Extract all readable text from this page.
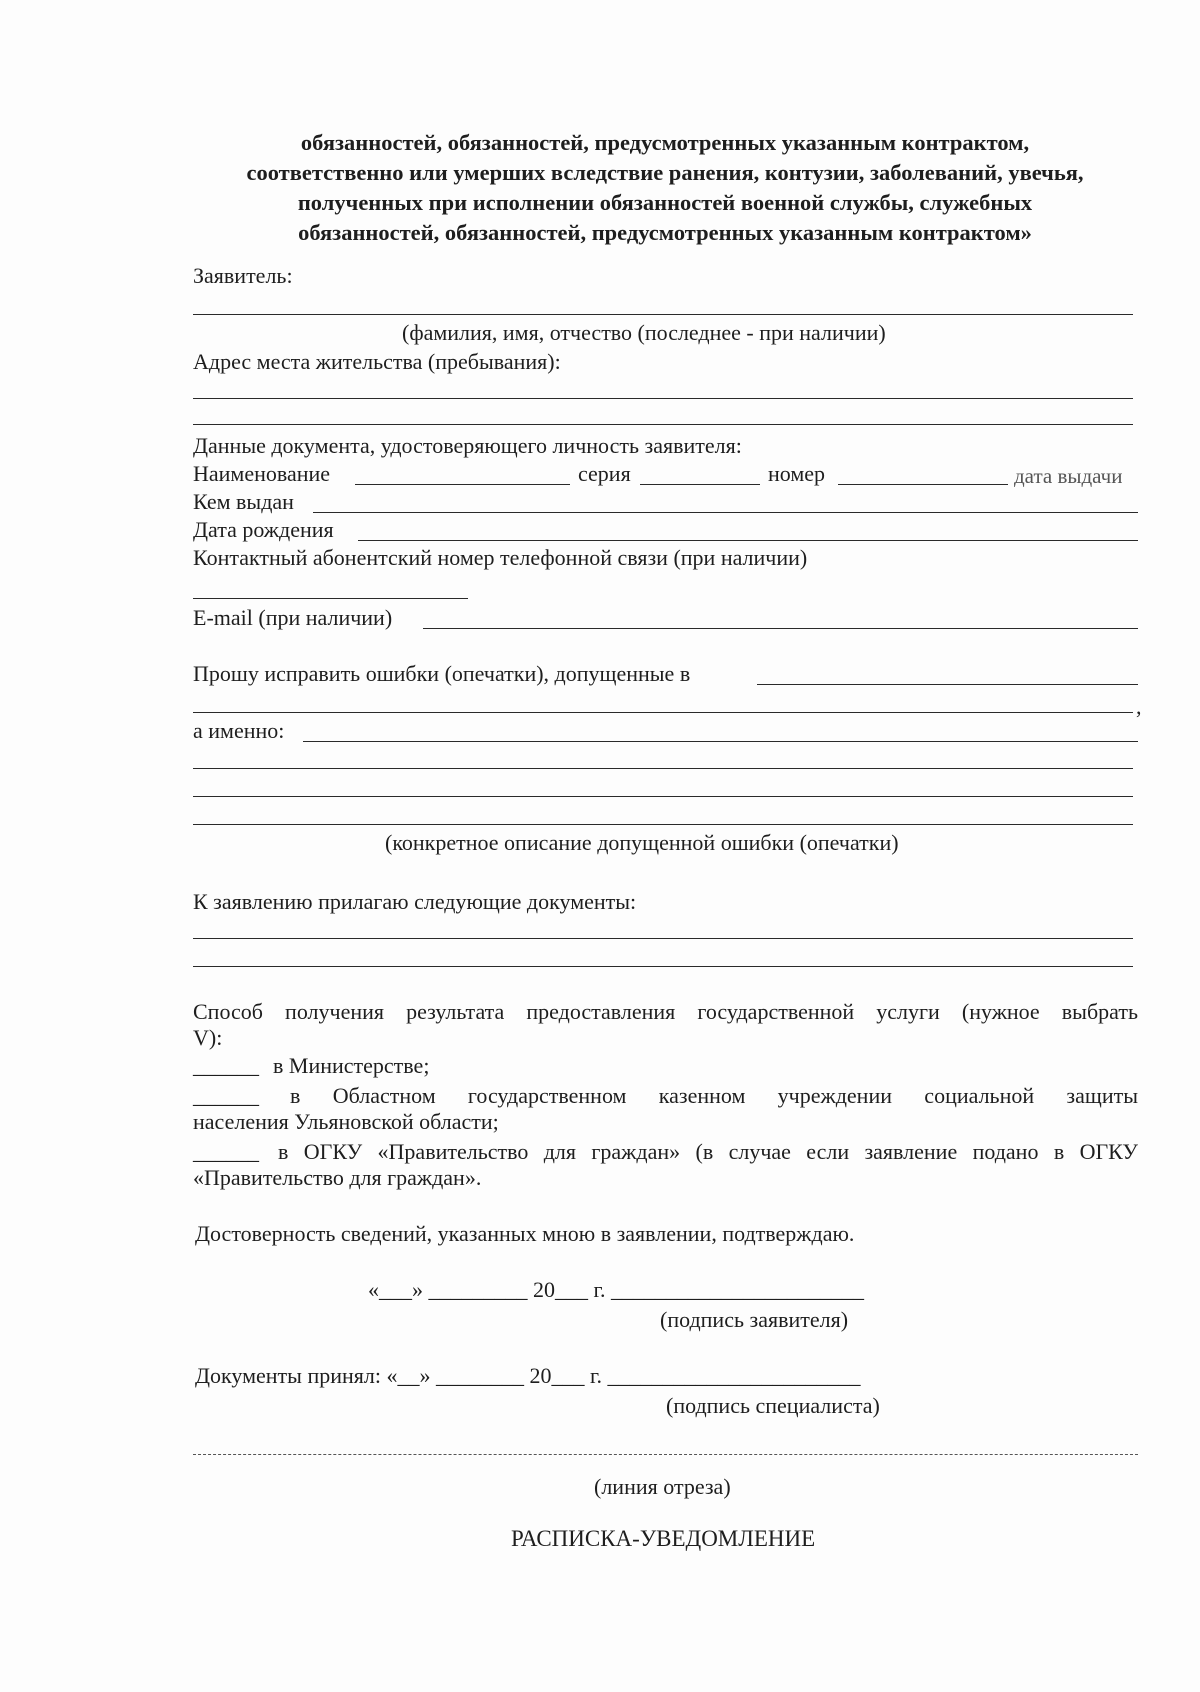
обязанностей, обязанностей, предусмотренных указанным контрактом,
соответственно или умерших вследствие ранения, контузии, заболеваний, увечья,
полученных при исполнении обязанностей военной службы, служебных
обязанностей, обязанностей, предусмотренных указанным контрактом»
Заявитель:
(фамилия, имя, отчество (последнее - при наличии)
Адрес места жительства (пребывания):
Данные документа, удостоверяющего личность заявителя:
Наименование	серия	номер	дата выдачи
Кем выдан
Дата рождения
Контактный абонентский номер телефонной связи (при наличии)
E-mail (при наличии)
Прошу исправить ошибки (опечатки), допущенные в
,
а именно:
(конкретное описание допущенной ошибки (опечатки)
К заявлению прилагаю следующие документы:
Способ получения результата предоставления государственной услуги (нужное выбрать
V):
______ в Министерстве;
______ в Областном государственном казенном учреждении социальной защиты
населения Ульяновской области;
______ в ОГКУ «Правительство для граждан» (в случае если заявление подано в ОГКУ
«Правительство для граждан».
Достоверность сведений, указанных мною в заявлении, подтверждаю.
«___» _________ 20___ г. _______________________
(подпись заявителя)
Документы принял: «__» ________ 20___ г. _______________________
(подпись специалиста)
(линия отреза)
РАСПИСКА-УВЕДОМЛЕНИЕ
